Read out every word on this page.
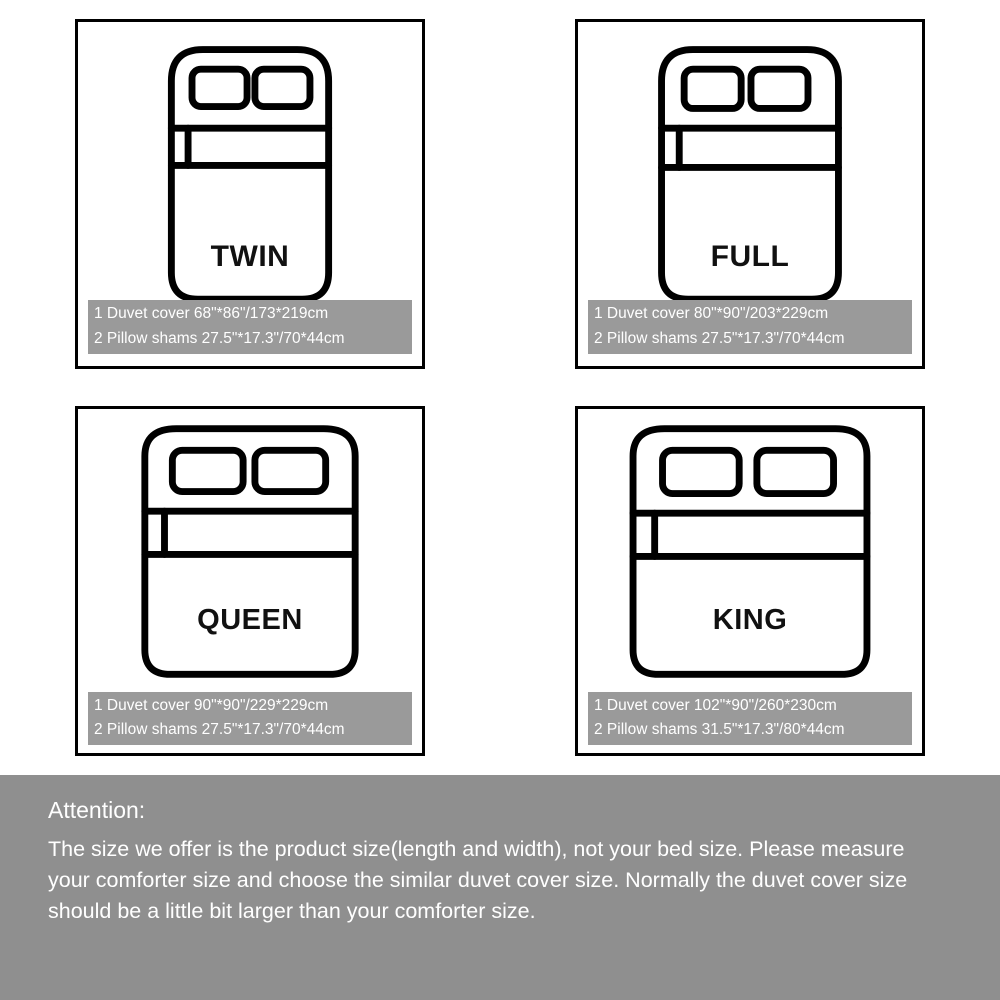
TWIN
1 Duvet cover 68"*86"/173*219cm
2 Pillow shams 27.5"*17.3"/70*44cm
FULL
1 Duvet cover 80"*90"/203*229cm
2 Pillow shams 27.5"*17.3"/70*44cm
QUEEN
1 Duvet cover 90"*90"/229*229cm
2 Pillow shams 27.5"*17.3"/70*44cm
KING
1 Duvet cover 102"*90"/260*230cm
2 Pillow shams 31.5"*17.3"/80*44cm

Attention:

The size we offer is the product size(length and width), not your bed size. Please measure your comforter size and choose the similar duvet cover size. Normally the duvet cover size should be a little bit larger than your comforter size.
